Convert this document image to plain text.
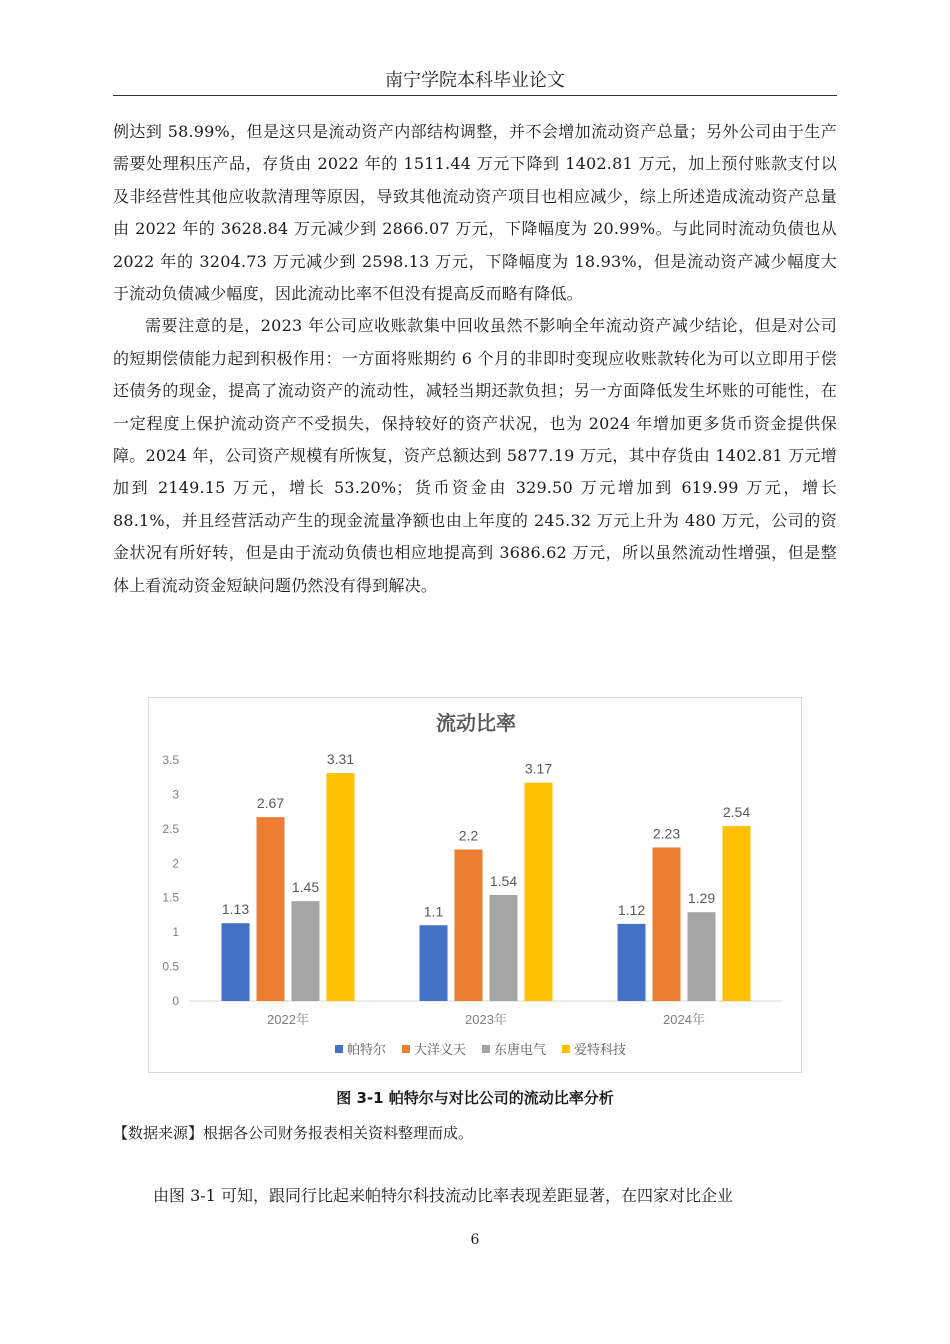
南宁学院本科毕业论文

例达到 58.99%，但是这只是流动资产内部结构调整，并不会增加流动资产总量；另外公司由于生产需要处理积压产品，存货由 2022 年的 1511.44 万元下降到 1402.81 万元，加上预付账款支付以及非经营性其他应收款清理等原因，导致其他流动资产项目也相应减少，综上所述造成流动资产总量由 2022 年的 3628.84 万元减少到 2866.07 万元，下降幅度为 20.99%。与此同时流动负债也从 2022 年的 3204.73 万元减少到 2598.13 万元，下降幅度为 18.93%，但是流动资产减少幅度大于流动负债减少幅度，因此流动比率不但没有提高反而略有降低。

需要注意的是，2023 年公司应收账款集中回收虽然不影响全年流动资产减少结论，但是对公司的短期偿债能力起到积极作用：一方面将账期约 6 个月的非即时变现应收账款转化为可以立即用于偿还债务的现金，提高了流动资产的流动性，减轻当期还款负担；另一方面降低发生坏账的可能性，在一定程度上保护流动资产不受损失，保持较好的资产状况，也为 2024 年增加更多货币资金提供保障。2024 年，公司资产规模有所恢复，资产总额达到 5877.19 万元，其中存货由 1402.81 万元增加到 2149.15 万元，增长 53.20%；货币资金由 329.50 万元增加到 619.99 万元，增长 88.1%，并且经营活动产生的现金流量净额也由上年度的 245.32 万元上升为 480 万元，公司的资金状况有所好转，但是由于流动负债也相应地提高到 3686.62 万元，所以虽然流动性增强，但是整体上看流动资金短缺问题仍然没有得到解决。

流动比率
0
0.5
1
1.5
2
2.5
3
3.5
1.13
2.67
1.45
3.31
2022年
1.1
2.2
1.54
3.17
2023年
1.12
2.23
1.29
2.54
2024年
帕特尔 大洋义天 东唐电气 爱特科技
图 3-1 帕特尔与对比公司的流动比率分析
【数据来源】根据各公司财务报表相关资料整理而成。
由图 3-1 可知，跟同行比起来帕特尔科技流动比率表现差距显著，在四家对比企业
6
